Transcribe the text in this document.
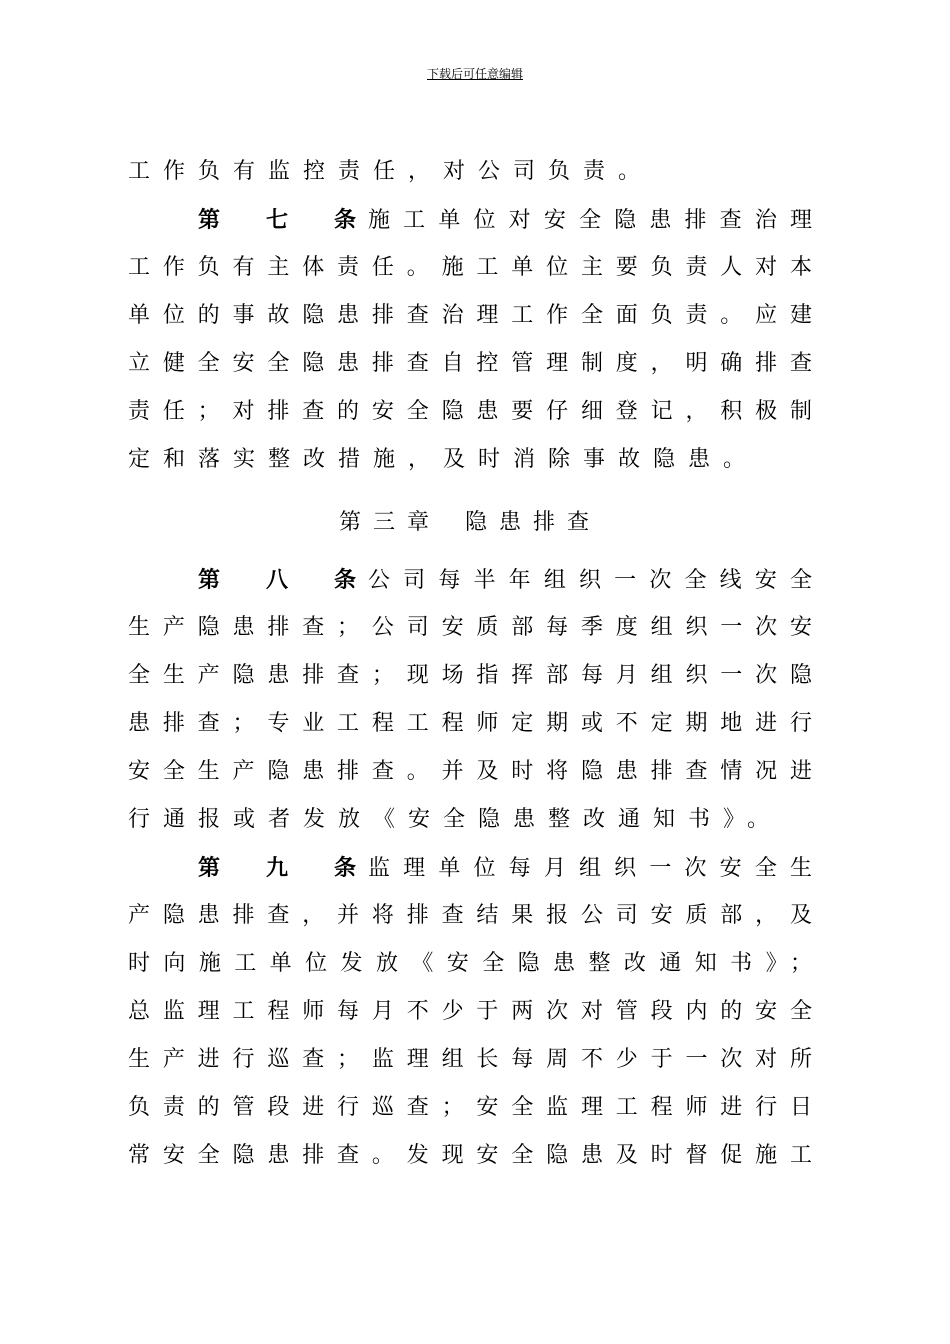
下载后可任意编辑
工作负有监控责任，对公司负责。
第七条施工单位对安全隐患排查治理
工作负有主体责任。施工单位主要负责人对本
单位的事故隐患排查治理工作全面负责。应建
立健全安全隐患排查自控管理制度，明确排查
责任；对排查的安全隐患要仔细登记，积极制
定和落实整改措施，及时消除事故隐患。
第三章 隐患排查
第八条公司每半年组织一次全线安全
生产隐患排查；公司安质部每季度组织一次安
全生产隐患排查；现场指挥部每月组织一次隐
患排查；专业工程工程师定期或不定期地进行
安全生产隐患排查。并及时将隐患排查情况进
行通报或者发放《安全隐患整改通知书》。
第九条监理单位每月组织一次安全生
产隐患排查，并将排查结果报公司安质部，及
时向施工单位发放《安全隐患整改通知书》；
总监理工程师每月不少于两次对管段内的安全
生产进行巡查；监理组长每周不少于一次对所
负责的管段进行巡查；安全监理工程师进行日
常安全隐患排查。发现安全隐患及时督促施工
